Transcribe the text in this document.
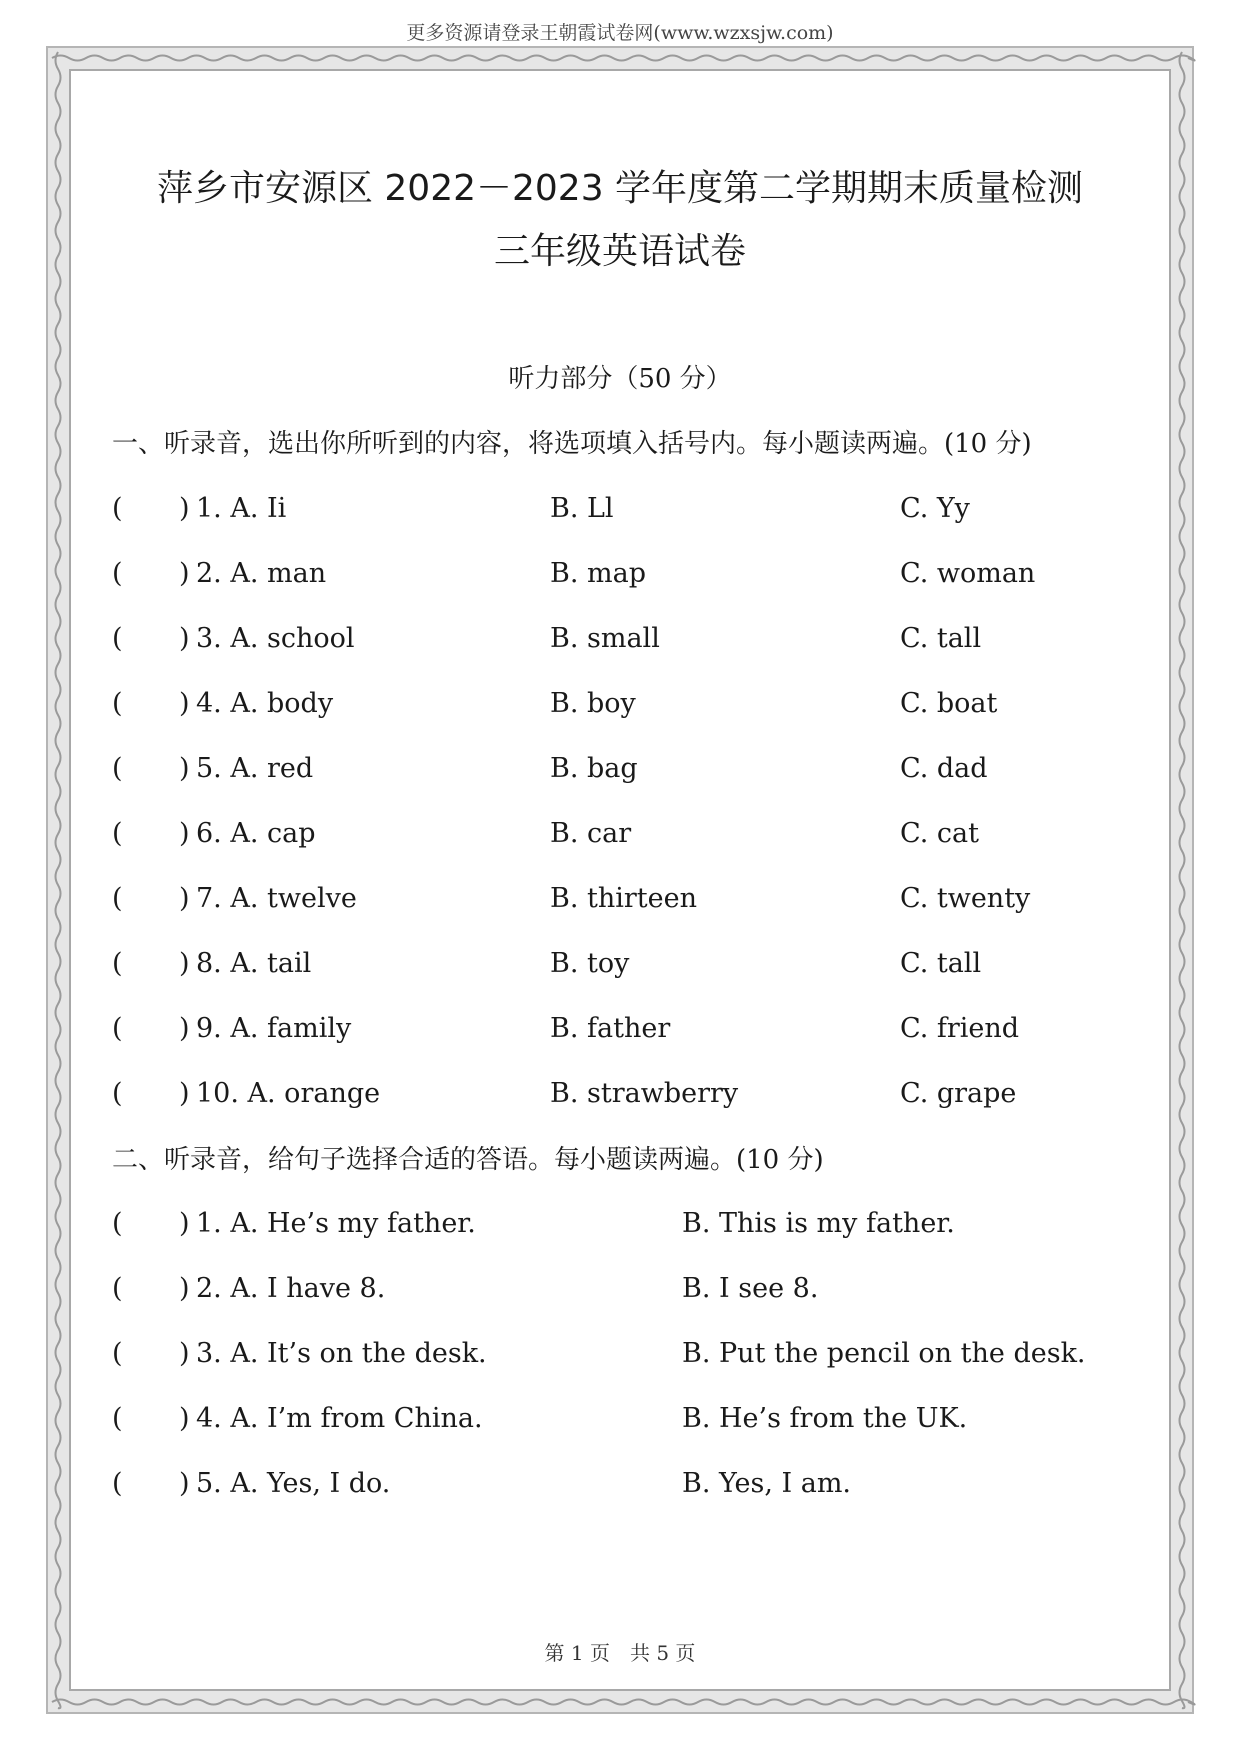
更多资源请登录王朝霞试卷网(www.wzxsjw.com)
萍乡市安源区 2022－2023 学年度第二学期期末质量检测
三年级英语试卷
听力部分（50 分）
一、听录音，选出你所听到的内容，将选项填入括号内。每小题读两遍。(10 分)
( ) 1. A. Ii	B. Ll	C. Yy
( ) 2. A. man	B. map	C. woman
( ) 3. A. school	B. small	C. tall
( ) 4. A. body	B. boy	C. boat
( ) 5. A. red	B. bag	C. dad
( ) 6. A. cap	B. car	C. cat
( ) 7. A. twelve	B. thirteen	C. twenty
( ) 8. A. tail	B. toy	C. tall
( ) 9. A. family	B. father	C. friend
( ) 10. A. orange	B. strawberry	C. grape
二、听录音，给句子选择合适的答语。每小题读两遍。(10 分)
( ) 1. A. He’s my father.	B. This is my father.
( ) 2. A. I have 8.	B. I see 8.
( ) 3. A. It’s on the desk.	B. Put the pencil on the desk.
( ) 4. A. I’m from China.	B. He’s from the UK.
( ) 5. A. Yes, I do.	B. Yes, I am.
第 1 页　共 5 页
